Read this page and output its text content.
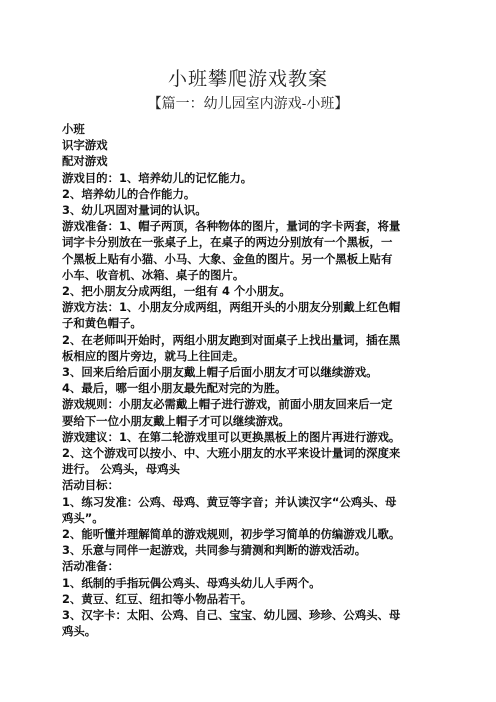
小班攀爬游戏教案
【篇一：幼儿园室内游戏-小班】
小班
识字游戏
配对游戏
游戏目的：1、培养幼儿的记忆能力。
2、培养幼儿的合作能力。
3、幼儿巩固对量词的认识。
游戏准备：1、帽子两顶，各种物体的图片，量词的字卡两套，将量
词字卡分别放在一张桌子上，在桌子的两边分别放有一个黑板，一
个黑板上贴有小猫、小马、大象、金鱼的图片。另一个黑板上贴有
小车、收音机、冰箱、桌子的图片。
2、把小朋友分成两组，一组有 4 个小朋友。
游戏方法：1、小朋友分成两组，两组开头的小朋友分别戴上红色帽
子和黄色帽子。
2、在老师叫开始时，两组小朋友跑到对面桌子上找出量词，插在黑
板相应的图片旁边，就马上往回走。
3、回来后给后面小朋友戴上帽子后面小朋友才可以继续游戏。
4、最后，哪一组小朋友最先配对完的为胜。
游戏规则：小朋友必需戴上帽子进行游戏，前面小朋友回来后一定
要给下一位小朋友戴上帽子才可以继续游戏。
游戏建议：1、在第二轮游戏里可以更换黑板上的图片再进行游戏。
2、这个游戏可以按小、中、大班小朋友的水平来设计量词的深度来
进行。 公鸡头，母鸡头
活动目标：
1、练习发准：公鸡、母鸡、黄豆等字音；并认读汉字“公鸡头、母
鸡头”。
2、能听懂并理解简单的游戏规则，初步学习简单的仿编游戏儿歌。
3、乐意与同伴一起游戏，共同参与猜测和判断的游戏活动。
活动准备：
1、纸制的手指玩偶公鸡头、母鸡头幼儿人手两个。
2、黄豆、红豆、纽扣等小物品若干。
3、汉字卡：太阳、公鸡、自己、宝宝、幼儿园、珍珍、公鸡头、母
鸡头。
